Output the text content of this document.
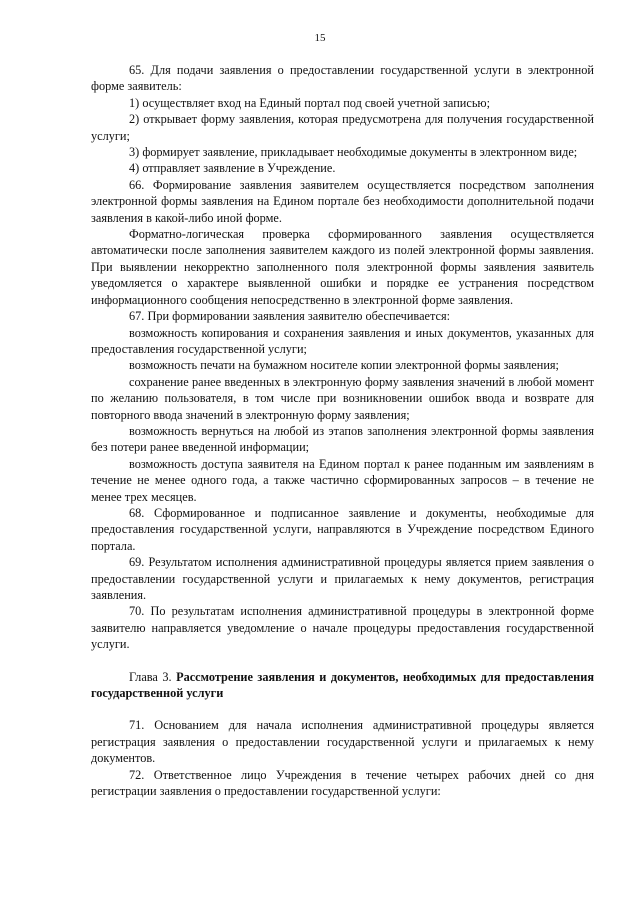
15

65. Для подачи заявления о предоставлении государственной услуги в электронной форме заявитель:

1) осуществляет вход на Единый портал под своей учетной записью;

2) открывает форму заявления, которая предусмотрена для получения государственной услуги;

3) формирует заявление, прикладывает необходимые документы в электронном виде;

4) отправляет заявление в Учреждение.

66. Формирование заявления заявителем осуществляется посредством заполнения электронной формы заявления на Едином портале без необходимости дополнительной подачи заявления в какой-либо иной форме.

Форматно-логическая проверка сформированного заявления осуществляется автоматически после заполнения заявителем каждого из полей электронной формы заявления. При выявлении некорректно заполненного поля электронной формы заявления заявитель уведомляется о характере выявленной ошибки и порядке ее устранения посредством информационного сообщения непосредственно в электронной форме заявления.

67. При формировании заявления заявителю обеспечивается:

возможность копирования и сохранения заявления и иных документов, указанных для предоставления государственной услуги;

возможность печати на бумажном носителе копии электронной формы заявления;

сохранение ранее введенных в электронную форму заявления значений в любой момент по желанию пользователя, в том числе при возникновении ошибок ввода и возврате для повторного ввода значений в электронную форму заявления;

возможность вернуться на любой из этапов заполнения электронной формы заявления без потери ранее введенной информации;

возможность доступа заявителя на Едином портал к ранее поданным им заявлениям в течение не менее одного года, а также частично сформированных запросов – в течение не менее трех месяцев.

68. Сформированное и подписанное заявление и документы, необходимые для предоставления государственной услуги, направляются в Учреждение посредством Единого портала.

69. Результатом исполнения административной процедуры является прием заявления о предоставлении государственной услуги и прилагаемых к нему документов, регистрация заявления.

70. По результатам исполнения административной процедуры в электронной форме заявителю направляется уведомление о начале процедуры предоставления государственной услуги.

Глава 3. Рассмотрение заявления и документов, необходимых для предоставления государственной услуги

71. Основанием для начала исполнения административной процедуры является регистрация заявления о предоставлении государственной услуги и прилагаемых к нему документов.

72. Ответственное лицо Учреждения в течение четырех рабочих дней со дня регистрации заявления о предоставлении государственной услуги:
